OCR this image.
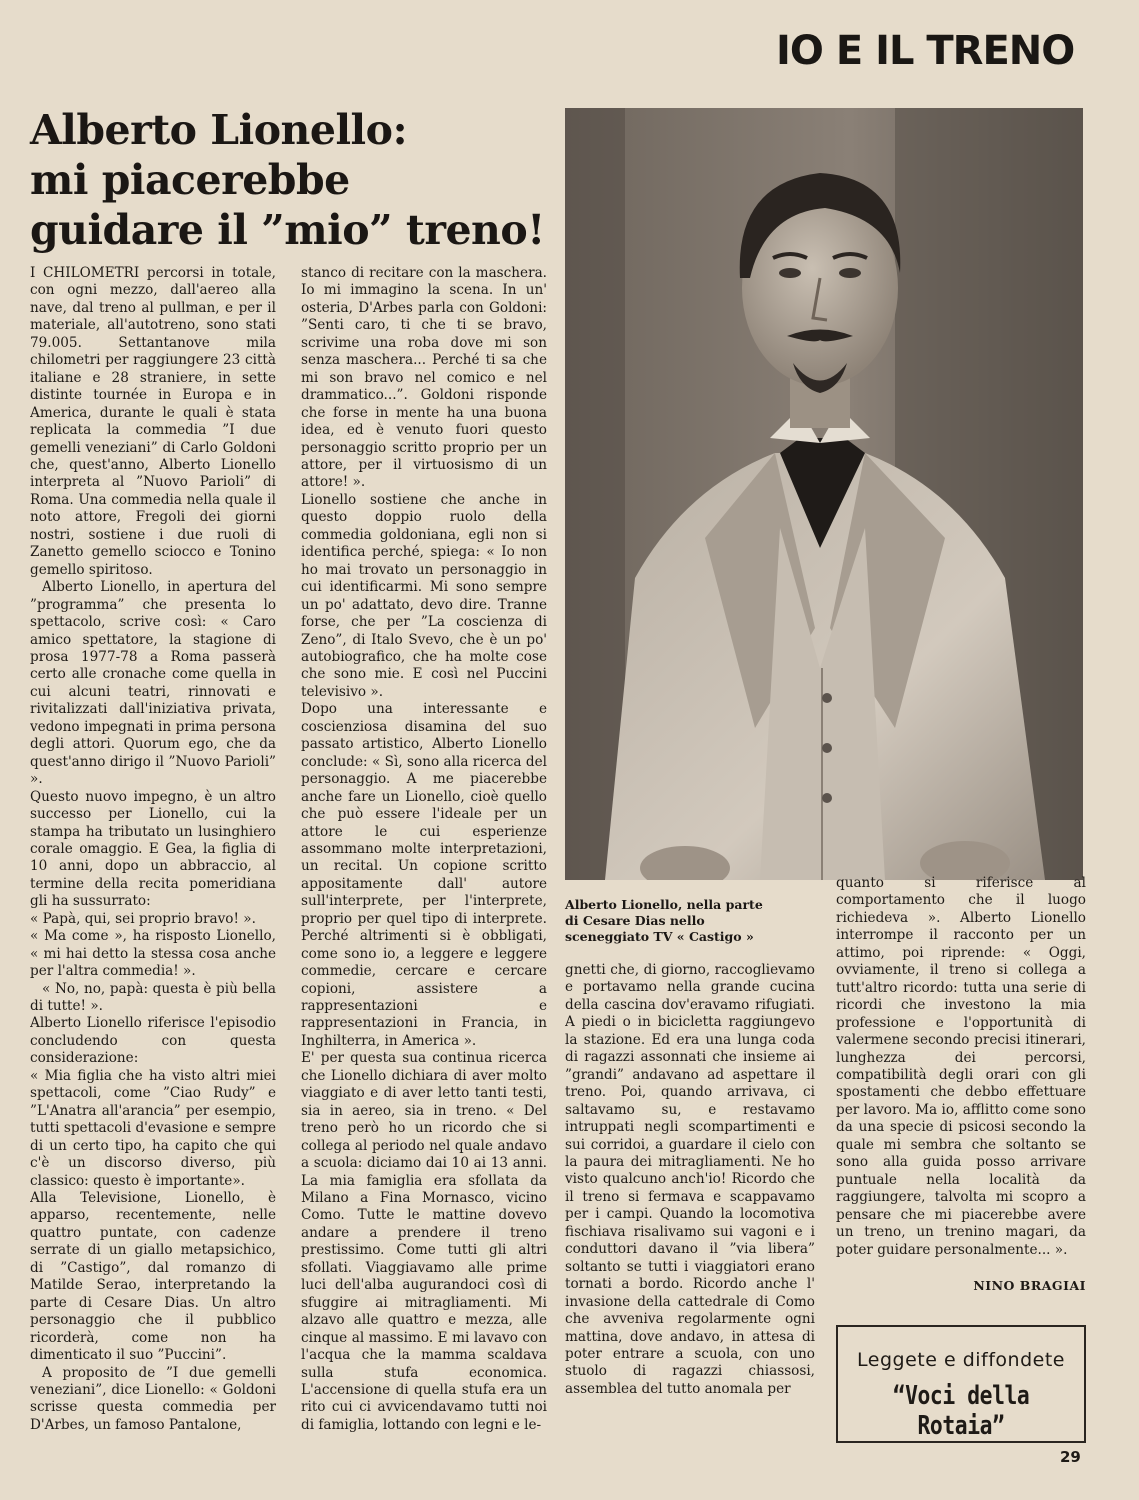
IO E IL TRENO
Alberto Lionello:
mi piacerebbe
guidare il ”mio” treno!

I CHILOMETRI percorsi in totale, con ogni mezzo, dall'aereo alla nave, dal treno al pullman, e per il materiale, all'autotreno, sono stati 79.005. Settantanove mila chilometri per raggiungere 23 città italiane e 28 straniere, in sette distinte tournée in Europa e in America, durante le quali è stata replicata la commedia ”I due gemelli veneziani” di Carlo Goldoni che, quest'anno, Alberto Lionello interpreta al ”Nuovo Parioli” di Roma. Una commedia nella quale il noto attore, Fregoli dei giorni nostri, sostiene i due ruoli di Zanetto gemello sciocco e Tonino gemello spiritoso.

Alberto Lionello, in apertura del ”programma” che presenta lo spettacolo, scrive così: « Caro amico spettatore, la stagione di prosa 1977-78 a Roma passerà certo alle cronache come quella in cui alcuni teatri, rinnovati e rivitalizzati dall'iniziativa privata, vedono impegnati in prima persona degli attori. Quorum ego, che da quest'anno dirigo il ”Nuovo Parioli” ».

Questo nuovo impegno, è un altro successo per Lionello, cui la stampa ha tributato un lusinghiero corale omaggio. E Gea, la figlia di 10 anni, dopo un abbraccio, al termine della recita pomeridiana gli ha sussurrato:

« Papà, qui, sei proprio bravo! ».

« Ma come », ha risposto Lionello, « mi hai detto la stessa cosa anche per l'altra commedia! ».

« No, no, papà: questa è più bella di tutte! ».

Alberto Lionello riferisce l'episodio concludendo con questa considerazione:

« Mia figlia che ha visto altri miei spettacoli, come ”Ciao Rudy” e ”L'Anatra all'arancia” per esempio, tutti spettacoli d'evasione e sempre di un certo tipo, ha capito che qui c'è un discorso diverso, più classico: questo è importante».

Alla Televisione, Lionello, è apparso, recentemente, nelle quattro puntate, con cadenze serrate di un giallo metapsichico, di ”Castigo”, dal romanzo di Matilde Serao, interpretando la parte di Cesare Dias. Un altro personaggio che il pubblico ricorderà, come non ha dimenticato il suo ”Puccini”.

A proposito de ”I due gemelli veneziani”, dice Lionello: « Goldoni scrisse questa commedia per D'Arbes, un famoso Pantalone,

stanco di recitare con la maschera. Io mi immagino la scena. In un' osteria, D'Arbes parla con Goldoni: ”Senti caro, ti che ti se bravo, scrivime una roba dove mi son senza maschera... Perché ti sa che mi son bravo nel comico e nel drammatico...”. Goldoni risponde che forse in mente ha una buona idea, ed è venuto fuori questo personaggio scritto proprio per un attore, per il virtuosismo di un attore! ».

Lionello sostiene che anche in questo doppio ruolo della commedia goldoniana, egli non si identifica perché, spiega: « Io non ho mai trovato un personaggio in cui identificarmi. Mi sono sempre un po' adattato, devo dire. Tranne forse, che per ”La coscienza di Zeno”, di Italo Svevo, che è un po' autobiografico, che ha molte cose che sono mie. E così nel Puccini televisivo ».

Dopo una interessante e coscienziosa disamina del suo passato artistico, Alberto Lionello conclude: « Sì, sono alla ricerca del personaggio. A me piacerebbe anche fare un Lionello, cioè quello che può essere l'ideale per un attore le cui esperienze assommano molte interpretazioni, un recital. Un copione scritto appositamente dall' autore sull'interprete, per l'interprete, proprio per quel tipo di interprete. Perché altrimenti si è obbligati, come sono io, a leggere e leggere commedie, cercare e cercare copioni, assistere a rappresentazioni e rappresentazioni in Francia, in Inghilterra, in America ».

E' per questa sua continua ricerca che Lionello dichiara di aver molto viaggiato e di aver letto tanti testi, sia in aereo, sia in treno. « Del treno però ho un ricordo che si collega al periodo nel quale andavo a scuola: diciamo dai 10 ai 13 anni. La mia famiglia era sfollata da Milano a Fina Mornasco, vicino Como. Tutte le mattine dovevo andare a prendere il treno prestissimo. Come tutti gli altri sfollati. Viaggiavamo alle prime luci dell'alba augurandoci così di sfuggire ai mitragliamenti. Mi alzavo alle quattro e mezza, alle cinque al massimo. E mi lavavo con l'acqua che la mamma scaldava sulla stufa economica. L'accensione di quella stufa era un rito cui ci avvicendavamo tutti noi di famiglia, lottando con legni e le-

Alberto Lionello, nella parte
di Cesare Dias nello
sceneggiato TV « Castigo »

gnetti che, di giorno, raccoglievamo e portavamo nella grande cucina della cascina dov'eravamo rifugiati. A piedi o in bicicletta raggiungevo la stazione. Ed era una lunga coda di ragazzi assonnati che insieme ai ”grandi” andavano ad aspettare il treno. Poi, quando arrivava, ci saltavamo su, e restavamo intruppati negli scompartimenti e sui corridoi, a guardare il cielo con la paura dei mitragliamenti. Ne ho visto qualcuno anch'io! Ricordo che il treno si fermava e scappavamo per i campi. Quando la locomotiva fischiava risalivamo sui vagoni e i conduttori davano il ”via libera” soltanto se tutti i viaggiatori erano tornati a bordo. Ricordo anche l' invasione della cattedrale di Como che avveniva regolarmente ogni mattina, dove andavo, in attesa di poter entrare a scuola, con uno stuolo di ragazzi chiassosi, assemblea del tutto anomala per

quanto si riferisce al comportamento che il luogo richiedeva ». Alberto Lionello interrompe il racconto per un attimo, poi riprende: « Oggi, ovviamente, il treno si collega a tutt'altro ricordo: tutta una serie di ricordi che investono la mia professione e l'opportunità di valermene secondo precisi itinerari, lunghezza dei percorsi, compatibilità degli orari con gli spostamenti che debbo effettuare per lavoro. Ma io, afflitto come sono da una specie di psicosi secondo la quale mi sembra che soltanto se sono alla guida posso arrivare puntuale nella località da raggiungere, talvolta mi scopro a pensare che mi piacerebbe avere un treno, un trenino magari, da poter guidare personalmente... ».

NINO BRAGIAI
Leggete e diffondete
“Voci della Rotaia”
29
